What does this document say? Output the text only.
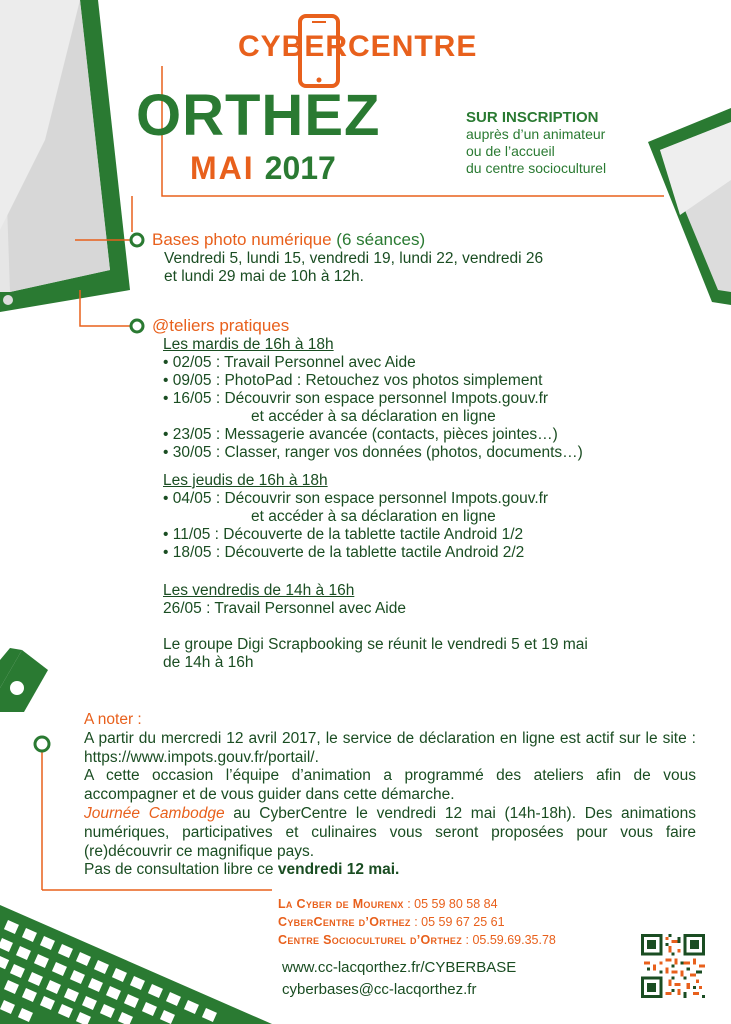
CYBERCENTRE
ORTHEZ
MAI 2017
SUR INSCRIPTION
auprès d’un animateur
ou de l’accueil
du centre socioculturel
Bases photo numérique (6 séances)
Vendredi 5, lundi 15, vendredi 19, lundi 22, vendredi 26
et lundi 29 mai de 10h à 12h.
@teliers pratiques
Les mardis de 16h à 18h
• 02/05 : Travail Personnel avec Aide
• 09/05 : PhotoPad : Retouchez vos photos simplement
• 16/05 : Découvrir son espace personnel Impots.gouv.fr
et accéder à sa déclaration en ligne
• 23/05 : Messagerie avancée (contacts, pièces jointes…)
• 30/05 : Classer, ranger vos données (photos, documents…)
Les jeudis de 16h à 18h
• 04/05 : Découvrir son espace personnel Impots.gouv.fr
et accéder à sa déclaration en ligne
• 11/05 : Découverte de la tablette tactile Android 1/2
• 18/05 : Découverte de la tablette tactile Android 2/2
Les vendredis de 14h à 16h
26/05 : Travail Personnel avec Aide
Le groupe Digi Scrapbooking se réunit le vendredi 5 et 19 mai
de 14h à 16h
A noter :
A partir du mercredi 12 avril 2017, le service de déclaration en ligne est actif sur le site : https://www.impots.gouv.fr/portail/.
A cette occasion l’équipe d’animation a programmé des ateliers afin de vous accompagner et de vous guider dans cette démarche.
Journée Cambodge au CyberCentre le vendredi 12 mai (14h-18h). Des animations numériques, participatives et culinaires vous seront proposées pour vous faire (re)découvrir ce magnifique pays.
Pas de consultation libre ce vendredi 12 mai.
La Cyber de Mourenx : 05 59 80 58 84
CyberCentre d’Orthez : 05 59 67 25 61
Centre Socioculturel d’Orthez : 05.59.69.35.78
www.cc-lacqorthez.fr/CYBERBASE
cyberbases@cc-lacqorthez.fr
